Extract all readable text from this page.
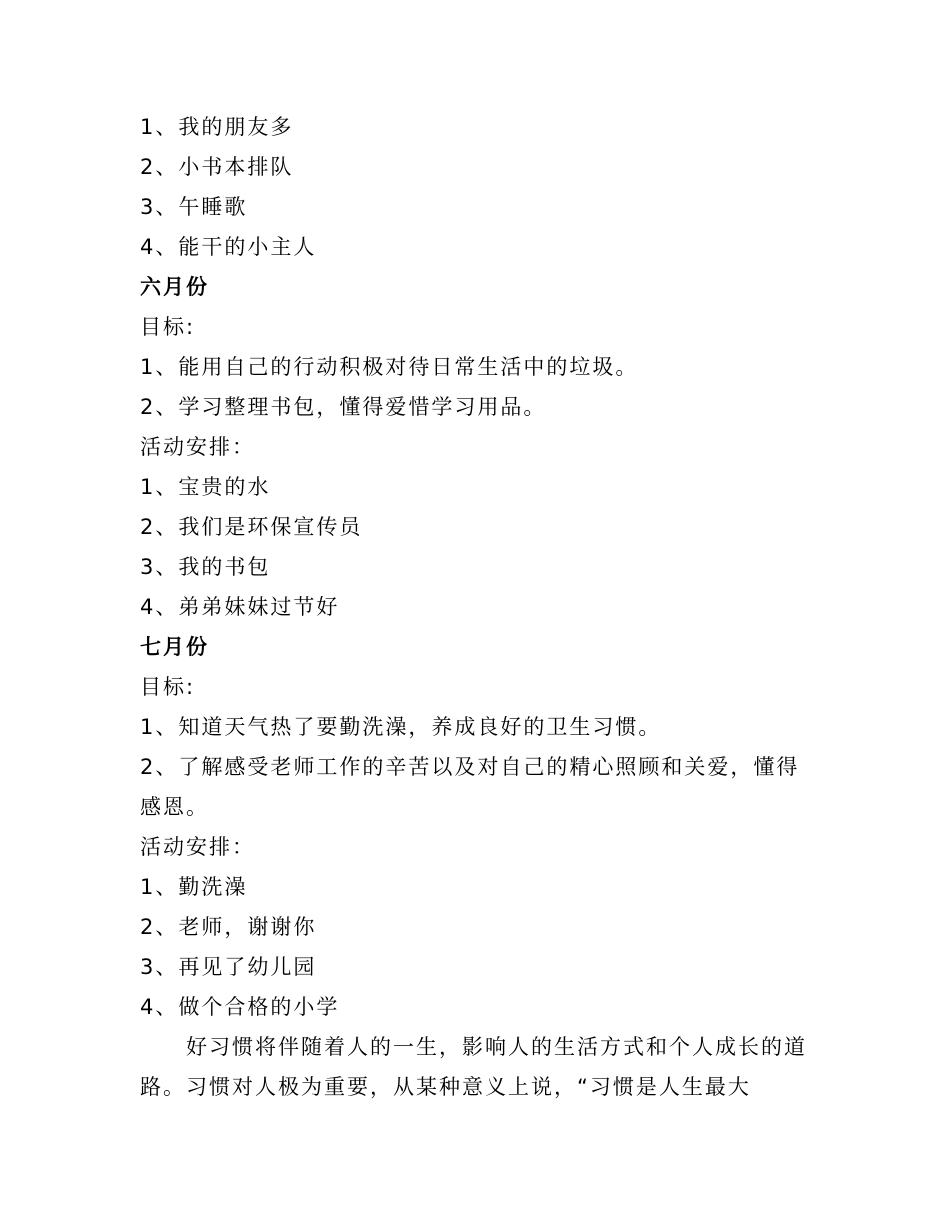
1、我的朋友多
2、小书本排队
3、午睡歌
4、能干的小主人
六月份
目标:
1、能用自己的行动积极对待日常生活中的垃圾。
2、学习整理书包，懂得爱惜学习用品。
活动安排：
1、宝贵的水
2、我们是环保宣传员
3、我的书包
4、弟弟妹妹过节好
七月份
目标:
1、知道天气热了要勤洗澡，养成良好的卫生习惯。
2、了解感受老师工作的辛苦以及对自己的精心照顾和关爱，懂得感恩。
活动安排：
1、勤洗澡
2、老师，谢谢你
3、再见了幼儿园
4、做个合格的小学
好习惯将伴随着人的一生，影响人的生活方式和个人成长的道路。习惯对人极为重要，从某种意义上说，“习惯是人生最大
